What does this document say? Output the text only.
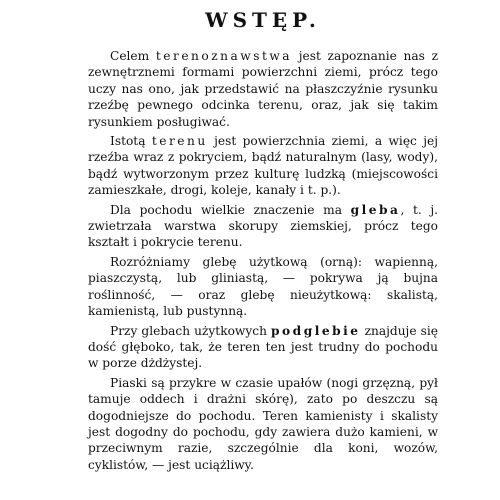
WSTĘP.

Celem terenoznawstwa jest zapoznanie nas z zewnętrznemi formami powierzchni ziemi, prócz tego uczy nas ono, jak przedstawić na płaszczyźnie rysunku rzeźbę pewnego odcinka terenu, oraz, jak się takim rysunkiem posługiwać.

Istotą terenu jest powierzchnia ziemi, a więc jej rzeźba wraz z pokryciem, bądź naturalnym (lasy, wody), bądź wytworzonym przez kulturę ludzką (miejscowości zamieszkałe, drogi, koleje, kanały i t. p.).

Dla pochodu wielkie znaczenie ma gleba, t. j. zwietrzała warstwa skorupy ziemskiej, prócz tego kształt i pokrycie terenu.

Rozróżniamy glebę użytkową (orną): wapienną, piaszczystą, lub gliniastą, — pokrywa ją bujna roślinność, — oraz glebę nieużytkową: skalistą, kamienistą, lub pustynną.

Przy glebach użytkowych podglebie znajduje się dość głęboko, tak, że teren ten jest trudny do pochodu w porze dżdżystej.

Piaski są przykre w czasie upałów (nogi grzęzną, pył tamuje oddech i drażni skórę), zato po deszczu są dogodniejsze do pochodu. Teren kamienisty i skalisty jest dogodny do pochodu, gdy zawiera dużo kamieni, w przeciwnym razie, szczególnie dla koni, wozów, cyklistów, — jest uciążliwy.
